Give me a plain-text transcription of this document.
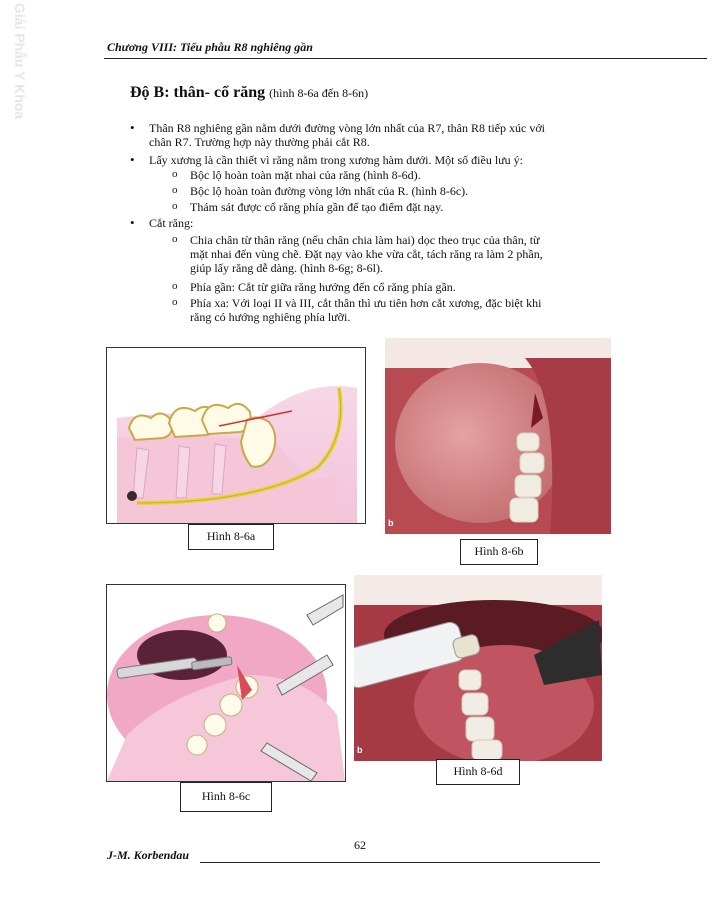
Giải Phẫu Y Khoa	Chương VIII: Tiểu phẫu R8 nghiêng gần
Độ B: thân- cổ răng (hình 8-6a đến 8-6n)
• Thân R8 nghiêng gần nằm dưới đường vòng lớn nhất của R7, thân R8 tiếp xúc với
chân R7. Trường hợp này thường phải cắt R8.
• Lấy xương là cần thiết vì răng nằm trong xương hàm dưới. Một số điều lưu ý:
o Bộc lộ hoàn toàn mặt nhai của răng (hình 8-6d).
o Bộc lộ hoàn toàn đường vòng lớn nhất của R. (hình 8-6c).
o Thám sát được cổ răng phía gần để tạo điểm đặt nạy.
• Cắt răng:
o Chia chân từ thân răng (nếu chân chia làm hai) dọc theo trục của thân, từ
mặt nhai đến vùng chẽ. Đặt nạy vào khe vừa cắt, tách răng ra làm 2 phần,
giúp lấy răng dễ dàng. (hình 8-6g; 8-6l).
o Phía gần: Cắt từ giữa răng hướng đến cổ răng phía gần.
o Phía xa: Với loại II và III, cắt thân thì ưu tiên hơn cắt xương, đặc biệt khi
răng có hướng nghiêng phía lưỡi.
Hình 8-6a
b
Hình 8-6b
Hình 8-6c
b
Hình 8-6d
62
J-M. Korbendau
